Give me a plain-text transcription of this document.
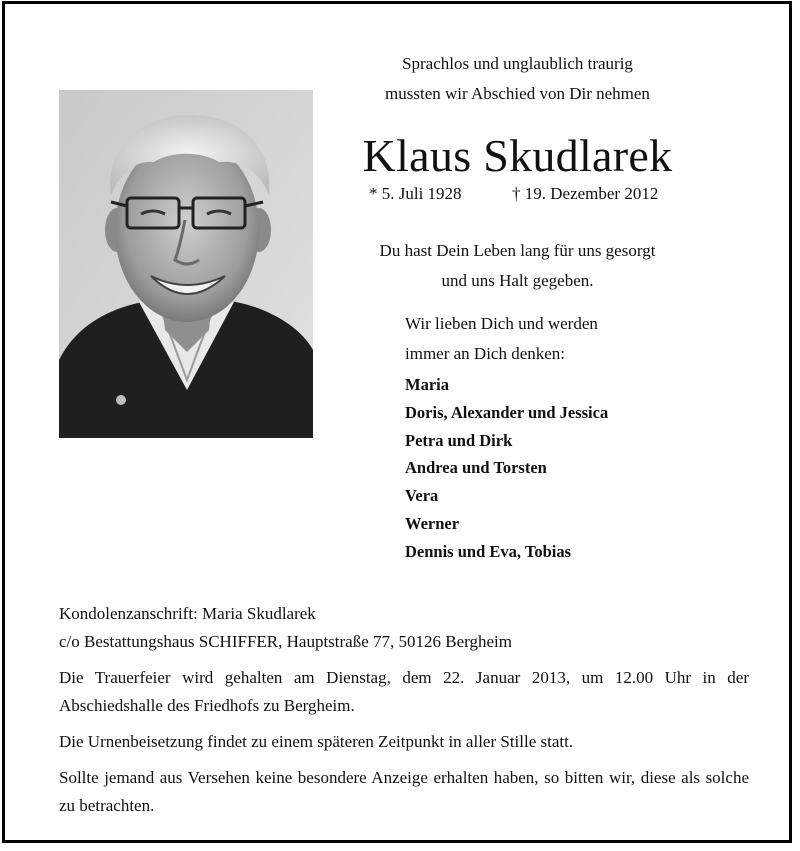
Sprachlos und unglaublich traurig
mussten wir Abschied von Dir nehmen
Klaus Skudlarek
* 5. Juli 1928	† 19. Dezember 2012
Du hast Dein Leben lang für uns gesorgt
und uns Halt gegeben.
Wir lieben Dich und werden
immer an Dich denken:
Maria
Doris, Alexander und Jessica
Petra und Dirk
Andrea und Torsten
Vera
Werner
Dennis und Eva, Tobias

Kondolenzanschrift: Maria Skudlarek

c/o Bestattungshaus SCHIFFER, Hauptstraße 77, 50126 Bergheim

Die Trauerfeier wird gehalten am Dienstag, dem 22. Januar 2013, um 12.00 Uhr in der Abschiedshalle des Friedhofs zu Bergheim.

Die Urnenbeisetzung findet zu einem späteren Zeitpunkt in aller Stille statt.

Sollte jemand aus Versehen keine besondere Anzeige erhalten haben, so bitten wir, diese als solche zu betrachten.
